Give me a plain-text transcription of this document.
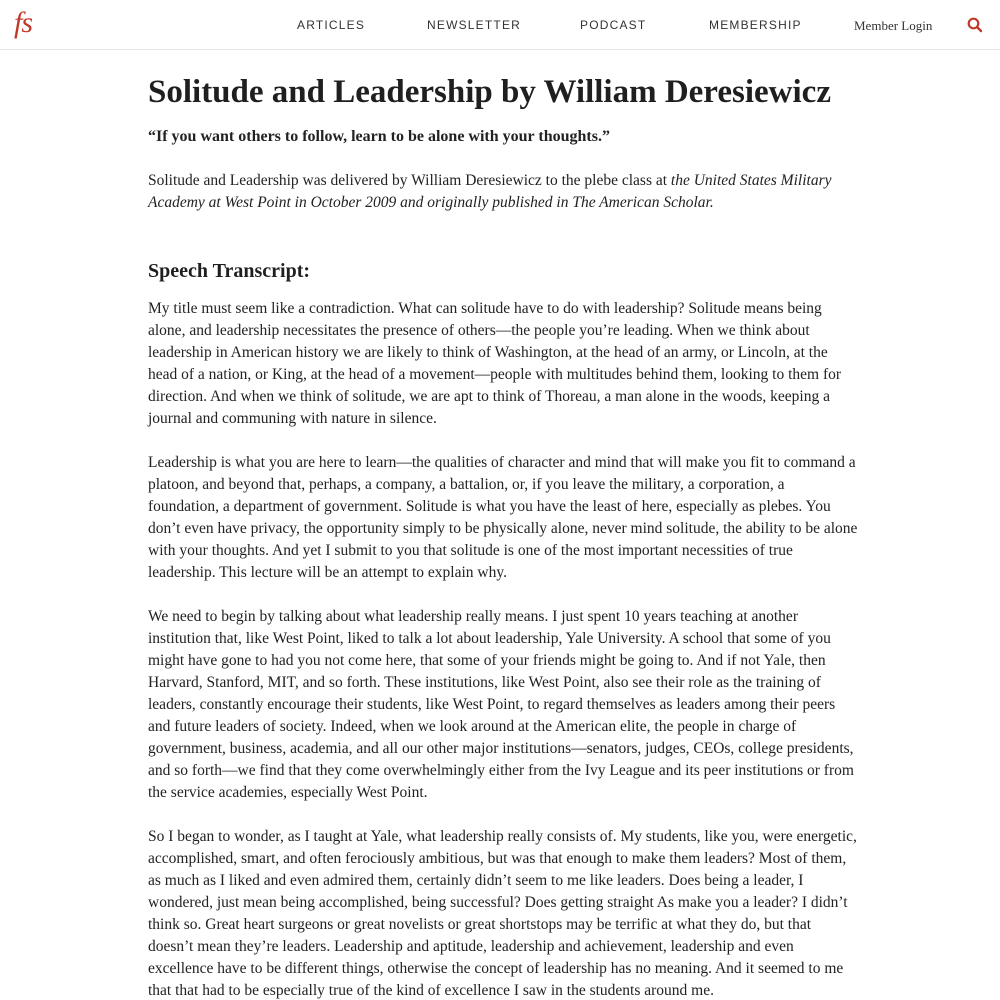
fs	ARTICLES	NEWSLETTER	PODCAST	MEMBERSHIP	Member Login
Solitude and Leadership by William Deresiewicz

“If you want others to follow, learn to be alone with your thoughts.”

Solitude and Leadership was delivered by William Deresiewicz to the plebe class at the United States Military Academy at West Point in October 2009 and originally published in The American Scholar.

Speech Transcript:

My title must seem like a contradiction. What can solitude have to do with leadership? Solitude means being alone, and leadership necessitates the presence of others—the people you’re leading. When we think about leadership in American history we are likely to think of Washington, at the head of an army, or Lincoln, at the head of a nation, or King, at the head of a movement—people with multitudes behind them, looking to them for direction. And when we think of solitude, we are apt to think of Thoreau, a man alone in the woods, keeping a journal and communing with nature in silence.

Leadership is what you are here to learn—the qualities of character and mind that will make you fit to command a platoon, and beyond that, perhaps, a company, a battalion, or, if you leave the military, a corporation, a foundation, a department of government. Solitude is what you have the least of here, especially as plebes. You don’t even have privacy, the opportunity simply to be physically alone, never mind solitude, the ability to be alone with your thoughts. And yet I submit to you that solitude is one of the most important necessities of true leadership. This lecture will be an attempt to explain why.

We need to begin by talking about what leadership really means. I just spent 10 years teaching at another institution that, like West Point, liked to talk a lot about leadership, Yale University. A school that some of you might have gone to had you not come here, that some of your friends might be going to. And if not Yale, then Harvard, Stanford, MIT, and so forth. These institutions, like West Point, also see their role as the training of leaders, constantly encourage their students, like West Point, to regard themselves as leaders among their peers and future leaders of society. Indeed, when we look around at the American elite, the people in charge of government, business, academia, and all our other major institutions—senators, judges, CEOs, college presidents, and so forth—we find that they come overwhelmingly either from the Ivy League and its peer institutions or from the service academies, especially West Point.

So I began to wonder, as I taught at Yale, what leadership really consists of. My students, like you, were energetic, accomplished, smart, and often ferociously ambitious, but was that enough to make them leaders? Most of them, as much as I liked and even admired them, certainly didn’t seem to me like leaders. Does being a leader, I wondered, just mean being accomplished, being successful? Does getting straight As make you a leader? I didn’t think so. Great heart surgeons or great novelists or great shortstops may be terrific at what they do, but that doesn’t mean they’re leaders. Leadership and aptitude, leadership and achievement, leadership and even excellence have to be different things, otherwise the concept of leadership has no meaning. And it seemed to me that that had to be especially true of the kind of excellence I saw in the students around me.
